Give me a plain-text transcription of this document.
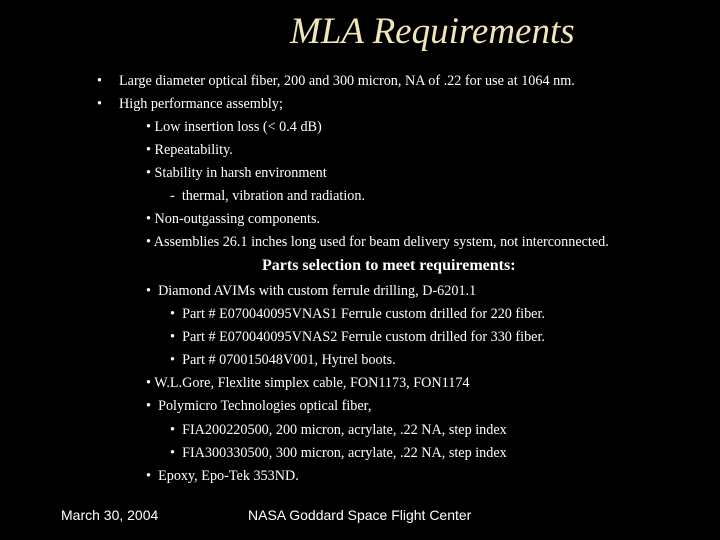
MLA Requirements
• Large diameter optical fiber, 200 and 300 micron, NA of .22 for use at 1064 nm.
• High performance assembly;
• Low insertion loss (< 0.4 dB)
• Repeatability.
• Stability in harsh environment
- thermal, vibration and radiation.
• Non-outgassing components.
• Assemblies 26.1 inches long used for beam delivery system, not interconnected.
Parts selection to meet requirements:
• Diamond AVIMs with custom ferrule drilling, D-6201.1
• Part # E070040095VNAS1 Ferrule custom drilled for 220 fiber.
• Part # E070040095VNAS2 Ferrule custom drilled for 330 fiber.
• Part # 070015048V001, Hytrel boots.
• W.L.Gore, Flexlite simplex cable, FON1173, FON1174
• Polymicro Technologies optical fiber,
• FIA200220500, 200 micron, acrylate, .22 NA, step index
• FIA300330500, 300 micron, acrylate, .22 NA, step index
• Epoxy, Epo-Tek 353ND.
March 30, 2004	NASA Goddard Space Flight Center
